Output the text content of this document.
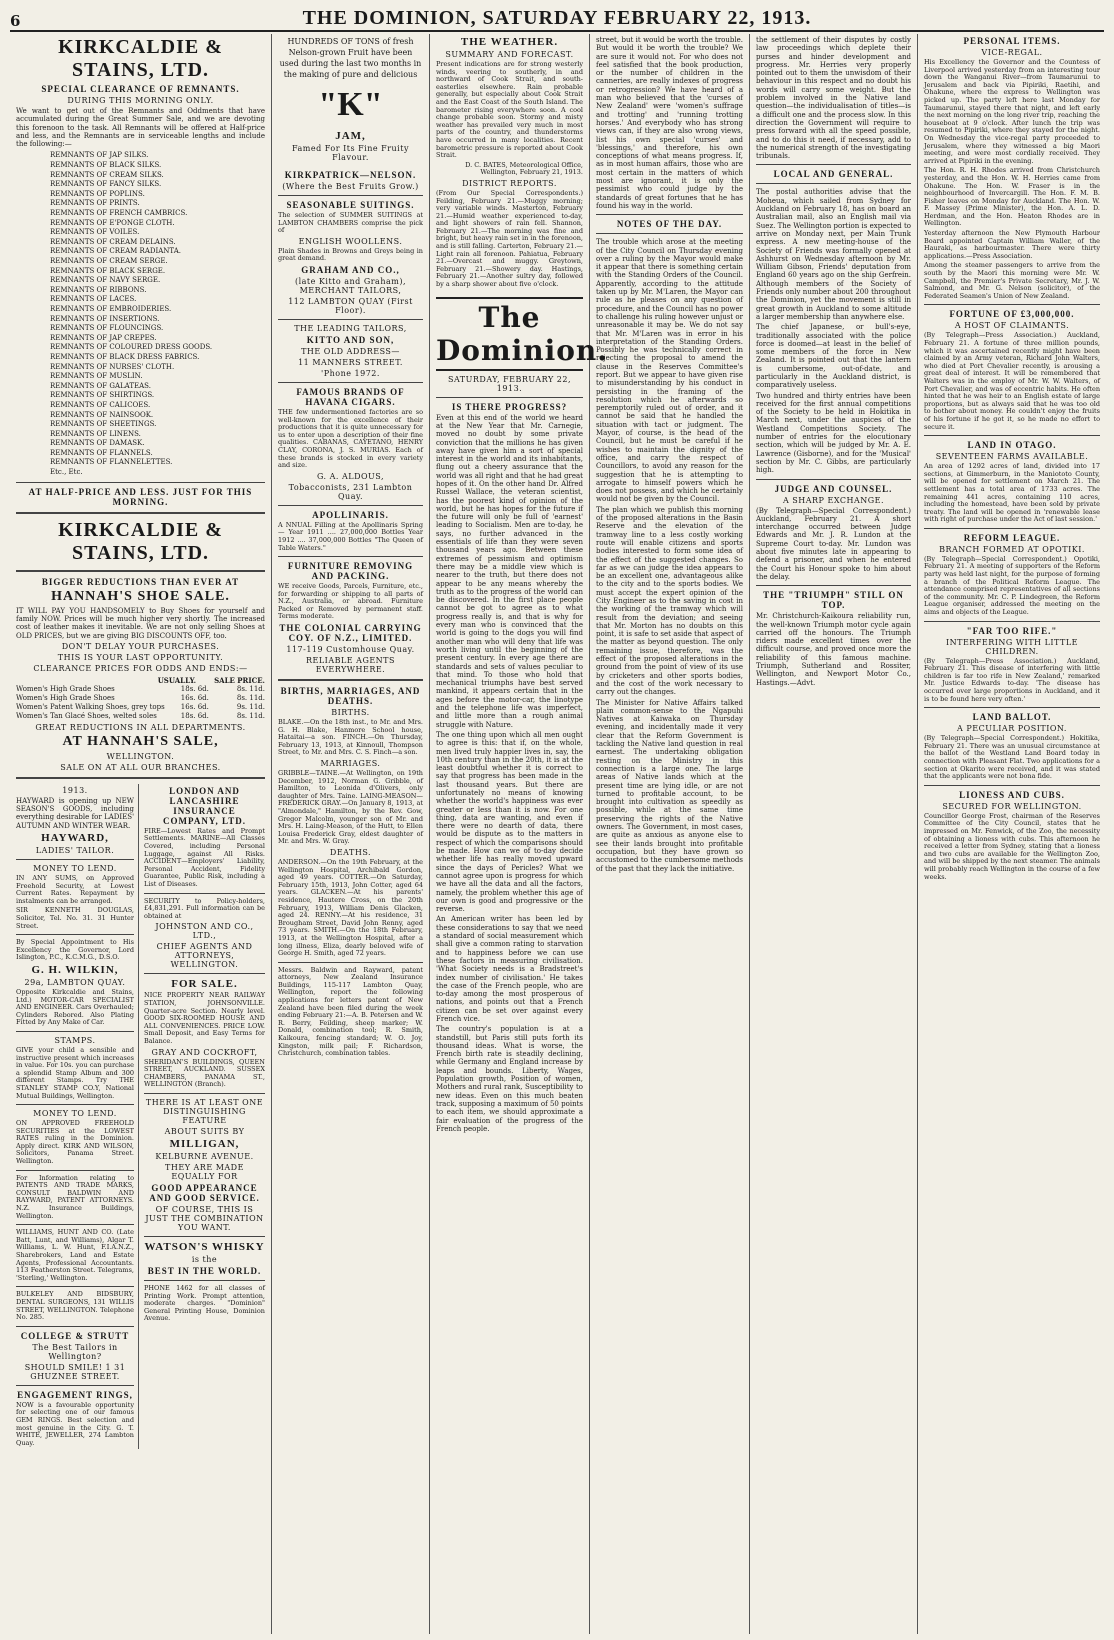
6	THE DOMINION, SATURDAY FEBRUARY 22, 1913.
KIRKCALDIE & STAINS, LTD.
SPECIAL CLEARANCE OF REMNANTS.
DURING THIS MORNING ONLY.
We want to get out of the Remnants and Oddments that have accumulated during the Great Summer Sale, and we are devoting this forenoon to the task. All Remnants will be offered at Half-price and less, and the Remnants are in serviceable lengths and include the following:—
REMNANTS OF JAP SILKS.
REMNANTS OF BLACK SILKS.
REMNANTS OF CREAM SILKS.
REMNANTS OF FANCY SILKS.
REMNANTS OF POPLINS.
REMNANTS OF PRINTS.
REMNANTS OF FRENCH CAMBRICS.
REMNANTS OF E'PONGE CLOTH.
REMNANTS OF VOILES.
REMNANTS OF CREAM DELAINS.
REMNANTS OF CREAM RADIANTA.
REMNANTS OF CREAM SERGE.
REMNANTS OF BLACK SERGE.
REMNANTS OF NAVY SERGE.
REMNANTS OF RIBBONS.
REMNANTS OF LACES.
REMNANTS OF EMBROIDERIES.
REMNANTS OF INSERTIONS.
REMNANTS OF FLOUNCINGS.
REMNANTS OF JAP CREPES.
REMNANTS OF COLOURED DRESS GOODS.
REMNANTS OF BLACK DRESS FABRICS.
REMNANTS OF NURSES' CLOTH.
REMNANTS OF MUSLIN.
REMNANTS OF GALATEAS.
REMNANTS OF SHIRTINGS.
REMNANTS OF CALICOES.
REMNANTS OF NAINSOOK.
REMNANTS OF SHEETINGS.
REMNANTS OF LINENS.
REMNANTS OF DAMASK.
REMNANTS OF FLANNELS.
REMNANTS OF FLANNELETTES.
Etc., Etc.
AT HALF-PRICE AND LESS. JUST FOR THIS MORNING.
KIRKCALDIE & STAINS, LTD.
BIGGER REDUCTIONS THAN EVER AT
HANNAH'S SHOE SALE.
IT WILL PAY YOU HANDSOMELY to Buy Shoes for yourself and family NOW. Prices will be much higher very shortly. The increased cost of leather makes it inevitable. We are not only selling Shoes at OLD PRICES, but we are giving BIG DISCOUNTS OFF, too.
DON'T DELAY YOUR PURCHASES.
THIS IS YOUR LAST OPPORTUNITY.
CLEARANCE PRICES FOR ODDS AND ENDS:—
USUALLY.	SALE PRICE.
Women's High Grade Shoes	18s. 6d.	8s. 11d.
Women's High Grade Shoes	16s. 6d.	8s. 11d.
Women's Patent Walking Shoes, grey tops 16s. 6d.	9s. 11d.
Women's Tan Glacé Shoes, welted soles	18s. 6d.	8s. 11d.
GREAT REDUCTIONS IN ALL DEPARTMENTS.
AT HANNAH'S SALE,
WELLINGTON.
SALE ON AT ALL OUR BRANCHES.
1913.
HAYWARD is opening up NEW SEASON'S GOODS, including everything desirable for LADIES' AUTUMN AND WINTER WEAR.
HAYWARD,
LADIES' TAILOR.
MONEY TO LEND.
IN ANY SUMS, on Approved Freehold Security, at Lowest Current Rates. Repayment by instalments can be arranged.
SIR KENNETH DOUGLAS, Solicitor, Tel. No. 31. 31 Hunter Street.
By Special Appointment to His Excellency the Governor, Lord Islington, P.C., K.C.M.G., D.S.O.
G. H. WILKIN,
29a, LAMBTON QUAY.
Opposite Kirkcaldie and Stains, Ltd.) MOTOR-CAR SPECIALIST AND ENGINEER. Cars Overhauled; Cylinders Rebored. Also Plating Fitted by Any Make of Car.
STAMPS.
GIVE your child a sensible and instructive present which increases in value. For 10s. you can purchase a splendid Stamp Album and 300 different Stamps. Try THE STANLEY STAMP CO.Y, National Mutual Buildings, Wellington.
MONEY TO LEND.
ON APPROVED FREEHOLD SECURITIES at the LOWEST RATES ruling in the Dominion. Apply direct. KIRK AND WILSON, Solicitors, Panama Street. Wellington.
For Information relating to PATENTS AND TRADE MARKS, CONSULT BALDWIN AND RAYWARD, PATENT ATTORNEYS. N.Z. Insurance Buildings, Wellington.
WILLIAMS, HUNT AND CO. (Late Batt, Lunt, and Williams), Algar T. Williams, L. W. Hunt, F.I.A.N.Z., Sharebrokers, Land and Estate Agents, Professional Accountants. 113 Featherston Street. Telegrams, 'Sterling,' Wellington.
BULKELEY AND BIDSBURY, DENTAL SURGEONS, 131 WILLIS STREET, WELLINGTON. Telephone No. 285.
COLLEGE & STRUTT
The Best Tailors in Wellington?
SHOULD SMILE! 1 31 GHUZNEE STREET.
ENGAGEMENT RINGS,
NOW is a favourable opportunity for selecting one of our famous GEM RINGS. Best selection and most genuine in the City. G. T. WHITE, JEWELLER, 274 Lambton Quay.
LONDON AND LANCASHIRE INSURANCE COMPANY, LTD.
FIRE—Lowest Rates and Prompt Settlements. MARINE—All Classes Covered, including Personal Luggage, against All Risks. ACCIDENT—Employers' Liability, Personal Accident, Fidelity Guarantee, Public Risk, including a List of Diseases.
SECURITY to Policy-holders, £4,831,291. Full information can be obtained at
JOHNSTON AND CO., LTD.,
CHIEF AGENTS AND ATTORNEYS, WELLINGTON.
FOR SALE.
NICE PROPERTY NEAR RAILWAY STATION, JOHNSONVILLE. Quarter-acre Section. Nearly level. GOOD SIX-ROOMED HOUSE AND ALL CONVENIENCES. PRICE LOW. Small Deposit, and Easy Terms for Balance.
GRAY AND COCKROFT,
SHERIDAN'S BUILDINGS, QUEEN STREET, AUCKLAND. SUSSEX CHAMBERS, PANAMA ST., WELLINGTON (Branch).
THERE IS AT LEAST ONE DISTINGUISHING FEATURE
ABOUT SUITS BY
MILLIGAN,
KELBURNE AVENUE.
THEY ARE MADE EQUALLY FOR
GOOD APPEARANCE AND GOOD SERVICE.
OF COURSE, THIS IS JUST THE COMBINATION YOU WANT.
WATSON'S WHISKY
is the
BEST IN THE WORLD.
PHONE 1462 for all classes of Printing Work. Prompt attention, moderate charges. "Dominion" General Printing House, Dominion Avenue.
HUNDREDS OF TONS of fresh Nelson-grown Fruit have been used during the last two months in the making of pure and delicious
"K"
JAM,
Famed For Its Fine Fruity Flavour.
KIRKPATRICK—NELSON.
(Where the Best Fruits Grow.)
SEASONABLE SUITINGS.
The selection of SUMMER SUITINGS at LAMBTON CHAMBERS comprise the pick of
ENGLISH WOOLLENS.
Plain Shades in Browns and Greys being in great demand.
GRAHAM AND CO.,
(late Kitto and Graham), MERCHANT TAILORS,
112 LAMBTON QUAY (First Floor).
THE LEADING TAILORS,
KITTO AND SON,
THE OLD ADDRESS—
11 MANNERS STREET.
'Phone 1972.
FAMOUS BRANDS OF HAVANA CIGARS.
THE few undermentioned factories are so well-known for the excellence of their productions that it is quite unnecessary for us to enter upon a description of their fine qualities. CABANAS, CAYETANO, HENRY CLAY, CORONA, J. S. MURIAS. Each of these brands is stocked in every variety and size.
G. A. ALDOUS,
Tobacconists, 231 Lambton Quay.
APOLLINARIS.
A NNUAL Filling at the Apollinaris Spring— Year 1911 .... 27,000,000 Bottles Year 1912 .... 37,000,000 Bottles "The Queen of Table Waters."
FURNITURE REMOVING AND PACKING.
WE receive Goods, Parcels, Furniture, etc., for forwarding or shipping to all parts of N.Z., Australia, or abroad. Furniture Packed or Removed by permanent staff. Terms moderate.
THE COLONIAL CARRYING COY. OF N.Z., LIMITED.
117-119 Customhouse Quay.
RELIABLE AGENTS EVERYWHERE.
BIRTHS, MARRIAGES, AND DEATHS.
BIRTHS.
BLAKE.—On the 18th inst., to Mr. and Mrs. G. H. Blake, Hanmore School house, Hataitai—a son. FINCH.—On Thursday, February 13, 1913, at Kinnoull, Thompson Street, to Mr. and Mrs. C. S. Finch—a son.
MARRIAGES.
GRIBBLE—TAINE.—At Wellington, on 19th December, 1912, Norman G. Gribble, of Hamilton, to Leonida d'Olivers, only daughter of Mrs. Taine. LAING-MEASON—FREDERICK GRAY.—On January 8, 1913, at "Almondale," Hamilton, by the Rev. Gow, Gregor Malcolm, younger son of Mr. and Mrs. H. Laing-Meason, of the Hutt, to Ellen Louisa Frederick Gray, eldest daughter of Mr. and Mrs. W. Gray.
DEATHS.
ANDERSON.—On the 19th February, at the Wellington Hospital, Archibald Gordon, aged 49 years. COTTER.—On Saturday, February 15th, 1913, John Cotter, aged 64 years. GLACKEN.—At his parents' residence, Hautere Cross, on the 20th February, 1913, William Denis Glacken, aged 24. RENNY.—At his residence, 31 Brougham Street, David John Renny, aged 73 years. SMITH.—On the 18th February, 1913, at the Wellington Hospital, after a long illness, Eliza, dearly beloved wife of George H. Smith, aged 72 years.
Messrs. Baldwin and Rayward, patent attorneys, New Zealand Insurance Buildings, 115-117 Lambton Quay, Wellington, report the following applications for letters patent of New Zealand have been filed during the week ending February 21:—A. B. Petersen and W. R. Berry, Feilding, sheep marker; W. Donald, combination tool; R. Smith, Kaikoura, fencing standard; W. O. Joy, Kingston, milk pail; F. Richardson, Christchurch, combination tables.
THE WEATHER.
SUMMARY AND FORECAST.
Present indications are for strong westerly winds, veering to southerly, in and northward of Cook Strait, and south-easterlies elsewhere. Rain probable generally, but especially about Cook Strait and the East Coast of the South Island. The barometer rising everywhere soon. A cool change probable soon. Stormy and misty weather has prevailed very much in most parts of the country, and thunderstorms have occurred in many localities. Recent barometric pressure is reported about Cook Strait.
D. C. BATES, Meteorological Office, Wellington, February 21, 1913.
DISTRICT REPORTS.
(From Our Special Correspondents.) Feilding, February 21.—Muggy morning; very variable winds. Masterton, February 21.—Humid weather experienced to-day, and light showers of rain fell. Shannon, February 21.—The morning was fine and bright, but heavy rain set in in the forenoon, and is still falling. Carterton, February 21.—Light rain all forenoon. Pahiatua, February 21.—Overcast and muggy. Greytown, February 21.—Showery day. Hastings, February 21.—Another sultry day, followed by a sharp shower about five o'clock.
The Dominion.
SATURDAY, FEBRUARY 22, 1913.
IS THERE PROGRESS?
Even at this end of the world we heard at the New Year that Mr. Carnegie, moved no doubt by some private conviction that the millions he has given away have given him a sort of special interest in the world and its inhabitants, flung out a cheery assurance that the world was all right and that he had great hopes of it. On the other hand Dr. Alfred Russel Wallace, the veteran scientist, has the poorest kind of opinion of the world, but he has hopes for the future if the future will only be full of 'earnest' leading to Socialism. Men are to-day, he says, no further advanced in the essentials of life than they were seven thousand years ago. Between these extremes of pessimism and optimism there may be a middle view which is nearer to the truth, but there does not appear to be any means whereby the truth as to the progress of the world can be discovered. In the first place people cannot be got to agree as to what progress really is, and that is why for every man who is convinced that the world is going to the dogs you will find another man who will deny that life was worth living until the beginning of the present century. In every age there are standards and sets of values peculiar to that mind. To those who hold that mechanical triumphs have best served mankind, it appears certain that in the ages before the motor-car, the linotype and the telephone life was imperfect, and little more than a rough animal struggle with Nature.
The one thing upon which all men ought to agree is this: that if, on the whole, men lived truly happier lives in, say, the 10th century than in the 20th, it is at the least doubtful whether it is correct to say that progress has been made in the last thousand years. But there are unfortunately no means of knowing whether the world's happiness was ever greater or less than it is now. For one thing, data are wanting, and even if there were no dearth of data, there would be dispute as to the matters in respect of which the comparisons should be made. How can we of to-day decide whether life has really moved upward since the days of Pericles? What we cannot agree upon is progress for which we have all the data and all the factors, namely, the problem whether this age of our own is good and progressive or the reverse.
An American writer has been led by these considerations to say that we need a standard of social measurement which shall give a common rating to starvation and to happiness before we can use these factors in measuring civilisation. 'What Society needs is a Bradstreet's index number of civilisation.' He takes the case of the French people, who are to-day among the most prosperous of nations, and points out that a French citizen can be set over against every French vice.
The country's population is at a standstill, but Paris still puts forth its thousand ideas. What is worse, the French birth rate is steadily declining, while Germany and England increase by leaps and bounds. Liberty, Wages, Population growth, Position of women, Mothers and rural rank, Susceptibility to new ideas. Even on this much beaten track, supposing a maximum of 50 points to each item, we should approximate a fair evaluation of the progress of the French people.
street, but it would be worth the trouble. But would it be worth the trouble? We are sure it would not. For who does not feel satisfied that the book production, or the number of children in the canneries, are really indexes of progress or retrogression? We have heard of a man who believed that the 'curses of New Zealand' were 'women's suffrage and trotting' and 'running trotting horses.' And everybody who has strong views can, if they are also wrong views, list his own special 'curses' and 'blessings,' and therefore, his own conceptions of what means progress. If, as in most human affairs, those who are most certain in the matters of which most are ignorant, it is only the pessimist who could judge by the standards of great fortunes that he has found his way in the world.
NOTES OF THE DAY.
The trouble which arose at the meeting of the City Council on Thursday evening over a ruling by the Mayor would make it appear that there is something certain with the Standing Orders of the Council. Apparently, according to the attitude taken up by Mr. M'Laren, the Mayor can rule as he pleases on any question of procedure, and the Council has no power to challenge his ruling however unjust or unreasonable it may be. We do not say that Mr. M'Laren was in error in his interpretation of the Standing Orders. Possibly he was technically correct in rejecting the proposal to amend the clause in the Reserves Committee's report. But we appear to have given rise to misunderstanding by his conduct in persisting in the framing of the resolution which he afterwards so peremptorily ruled out of order, and it cannot be said that he handled the situation with tact or judgment. The Mayor, of course, is the head of the Council, but he must be careful if he wishes to maintain the dignity of the office, and carry the respect of Councillors, to avoid any reason for the suggestion that he is attempting to arrogate to himself powers which he does not possess, and which he certainly would not be given by the Council.
The plan which we publish this morning of the proposed alterations in the Basin Reserve and the elevation of the tramway line to a less costly working route will enable citizens and sports bodies interested to form some idea of the effect of the suggested changes. So far as we can judge the idea appears to be an excellent one, advantageous alike to the city and to the sports bodies. We must accept the expert opinion of the City Engineer as to the saving in cost in the working of the tramway which will result from the deviation; and seeing that Mr. Morton has no doubts on this point, it is safe to set aside that aspect of the matter as beyond question. The only remaining issue, therefore, was the effect of the proposed alterations in the ground from the point of view of its use by cricketers and other sports bodies, and the cost of the work necessary to carry out the changes.
The Minister for Native Affairs talked plain common-sense to the Ngapuhi Natives at Kaiwaka on Thursday evening, and incidentally made it very clear that the Reform Government is tackling the Native land question in real earnest. The undertaking obligation resting on the Ministry in this connection is a large one. The large areas of Native lands which at the present time are lying idle, or are not turned to profitable account, to be brought into cultivation as speedily as possible, while at the same time preserving the rights of the Native owners. The Government, in most cases, are quite as anxious as anyone else to see their lands brought into profitable occupation, but they have grown so accustomed to the cumbersome methods of the past that they lack the initiative.
the settlement of their disputes by costly law proceedings which deplete their purses and hinder development and progress. Mr. Herries very properly pointed out to them the unwisdom of their behaviour in this respect and no doubt his words will carry some weight. But the problem involved in the Native land question—the individualisation of titles—is a difficult one and the process slow. In this direction the Government will require to press forward with all the speed possible, and to do this it need, if necessary, add to the numerical strength of the investigating tribunals.
LOCAL AND GENERAL.
The postal authorities advise that the Moheua, which sailed from Sydney for Auckland on February 18, has on board an Australian mail, also an English mail via Suez. The Wellington portion is expected to arrive on Monday next, per Main Trunk express. A new meeting-house of the Society of Friends was formally opened at Ashhurst on Wednesday afternoon by Mr. William Gibson, Friends' deputation from England 60 years ago on the ship Gerfrein. Although members of the Society of Friends only number about 200 throughout the Dominion, yet the movement is still in great growth in Auckland to some altitude a larger membership than anywhere else.
The chief Japanese, or bull's-eye, traditionally associated with the police force is doomed—at least in the belief of some members of the force in New Zealand. It is pointed out that the lantern is cumbersome, out-of-date, and particularly in the Auckland district, is comparatively useless.
Two hundred and thirty entries have been received for the first annual competitions of the Society to be held in Hokitika in March next, under the auspices of the Westland Competitions Society. The number of entries for the elocutionary section, which will be judged by Mr. A. E. Lawrence (Gisborne), and for the 'Musical' section by Mr. C. Gibbs, are particularly high.
JUDGE AND COUNSEL.
A SHARP EXCHANGE.
(By Telegraph—Special Correspondent.) Auckland, February 21. A short interchange occurred between Judge Edwards and Mr. J. R. Lundon at the Supreme Court to-day. Mr. Lundon was about five minutes late in appearing to defend a prisoner, and when he entered the Court his Honour spoke to him about the delay.
THE "TRIUMPH" STILL ON TOP.
Mr. Christchurch-Kaikoura reliability run, the well-known Triumph motor cycle again carried off the honours. The Triumph riders made excellent times over the difficult course, and proved once more the reliability of this famous machine. Triumph, Sutherland and Rossiter, Wellington, and Newport Motor Co., Hastings.—Advt.
PERSONAL ITEMS.
VICE-REGAL.
His Excellency the Governor and the Countess of Liverpool arrived yesterday from an interesting tour down the Wanganui River—from Taumarunui to Jerusalem and back via Pipiriki, Raetihi, and Ohakune, where the express to Wellington was picked up. The party left here last Monday for Taumarunui, stayed there that night, and left early the next morning on the long river trip, reaching the houseboat at 9 o'clock. After lunch the trip was resumed to Pipiriki, where they stayed for the night. On Wednesday the vice-regal party proceeded to Jerusalem, where they witnessed a big Maori meeting, and were most cordially received. They arrived at Pipiriki in the evening.
The Hon. R. H. Rhodes arrived from Christchurch yesterday, and the Hon. W. H. Herries came from Ohakune. The Hon. W. Fraser is in the neighbourhood of Invercargill. The Hon. F. M. B. Fisher leaves on Monday for Auckland. The Hon. W. F. Massey (Prime Minister), the Hon. A. L. D. Herdman, and the Hon. Heaton Rhodes are in Wellington.
Yesterday afternoon the New Plymouth Harbour Board appointed Captain William Waller, of the Hauraki, as harbourmaster. There were thirty applications.—Press Association.
Among the steamer passengers to arrive from the south by the Maori this morning were Mr. W. Campbell, the Premier's Private Secretary, Mr. J. W. Salmond, and Mr. G. Nelson (solicitor), of the Federated Seamen's Union of New Zealand.
FORTUNE OF £3,000,000.
A HOST OF CLAIMANTS.
(By Telegraph—Press Association.) Auckland, February 21. A fortune of three million pounds, which it was ascertained recently might have been claimed by an Army veteran, Richard John Walters, who died at Port Chevalier recently, is arousing a great deal of interest. It will be remembered that Walters was in the employ of Mr. W. W. Walters, of Port Chevalier, and was of eccentric habits. He often hinted that he was heir to an English estate of large proportions, but as always said that he was too old to bother about money. He couldn't enjoy the fruits of his fortune if he got it, so he made no effort to secure it.
LAND IN OTAGO.
SEVENTEEN FARMS AVAILABLE.
An area of 1292 acres of land, divided into 17 sections, at Gimmerburn, in the Maniototo County, will be opened for settlement on March 21. The settlement has a total area of 1733 acres. The remaining 441 acres, containing 110 acres, including the homestead, have been sold by private treaty. The land will be opened in 'renewable lease with right of purchase under the Act of last session.'
REFORM LEAGUE.
BRANCH FORMED AT OPOTIKI.
(By Telegraph—Special Correspondent.) Opotiki, February 21. A meeting of supporters of the Reform party was held last night, for the purpose of forming a branch of the Political Reform League. The attendance comprised representatives of all sections of the community. Mr. C. P. Lindegreen, the Reform League organiser, addressed the meeting on the aims and objects of the League.
"FAR TOO RIFE."
INTERFERING WITH LITTLE CHILDREN.
(By Telegraph—Press Association.) Auckland, February 21. This disease of interfering with little children is far too rife in New Zealand,' remarked Mr. Justice Edwards to-day. 'The disease has occurred over large proportions in Auckland, and it is to be found here very often.'
LAND BALLOT.
A PECULIAR POSITION.
(By Telegraph—Special Correspondent.) Hokitika, February 21. There was an unusual circumstance at the ballot of the Westland Land Board today in connection with Pleasant Flat. Two applications for a section at Okarito were received, and it was stated that the applicants were not bona fide.
LIONESS AND CUBS.
SECURED FOR WELLINGTON.
Councillor George Frost, chairman of the Reserves Committee of the City Council, states that he impressed on Mr. Fenwick, of the Zoo, the necessity of obtaining a lioness with cubs. This afternoon he received a letter from Sydney, stating that a lioness and two cubs are available for the Wellington Zoo, and will be shipped by the next steamer. The animals will probably reach Wellington in the course of a few weeks.
